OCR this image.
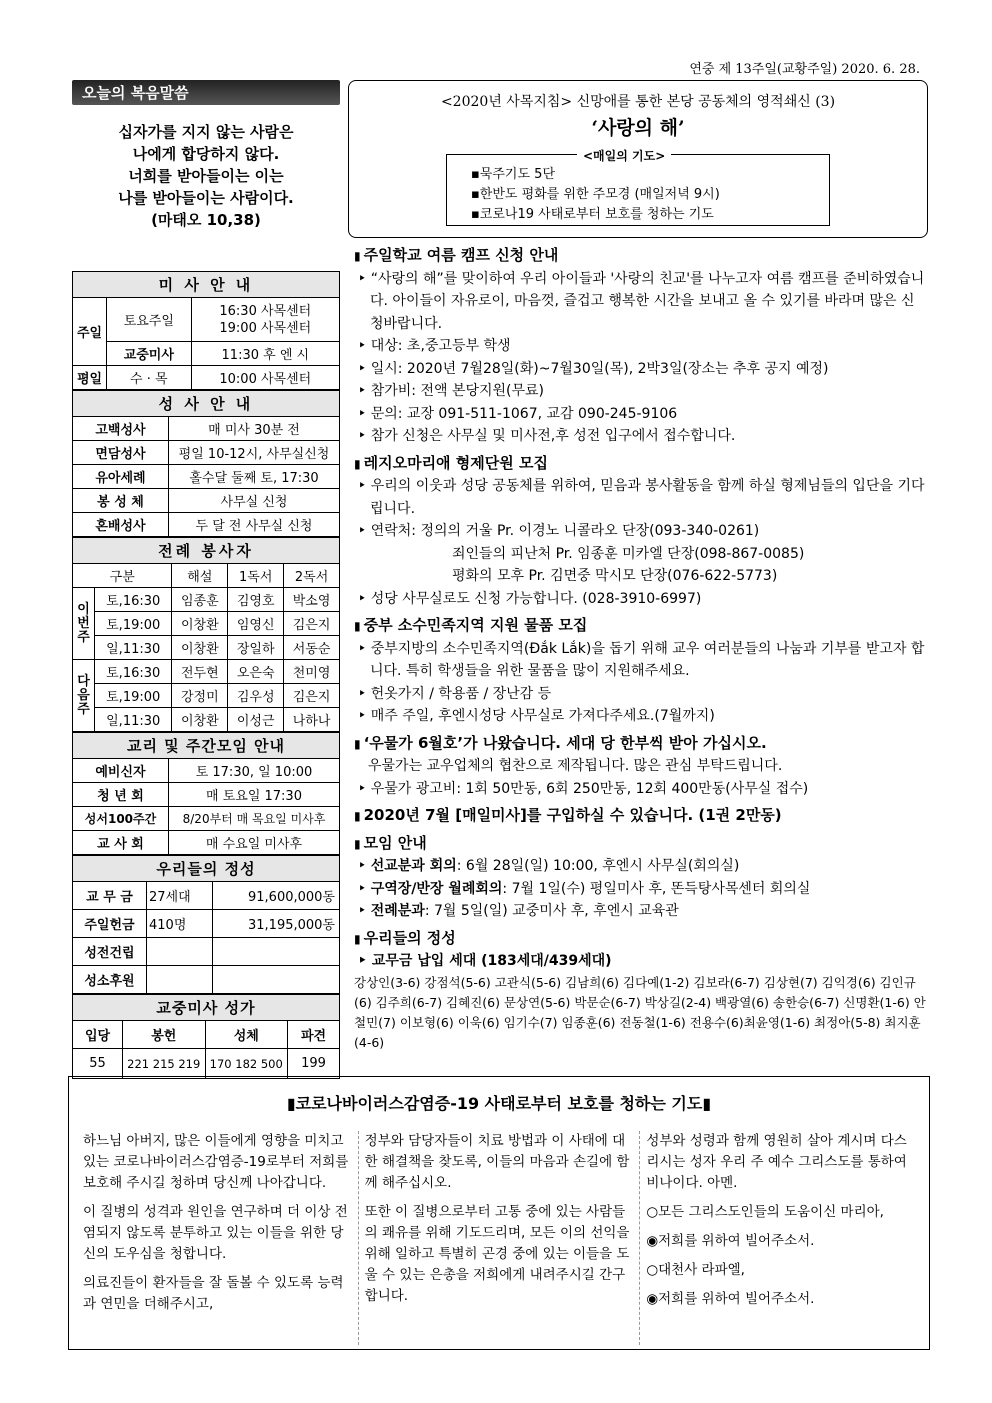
연중 제 13주일(교황주일) 2020. 6. 28.
오늘의 복음말씀
십자가를 지지 않는 사람은
나에게 합당하지 않다.
너희를 받아들이는 이는
나를 받아들이는 사람이다.
(마태오 10,38)
미 사 안 내		
주일	토요주일	16:30 사목센터
19:00 사목센터

	교중미사	11:30 후 엔 시
평일	수 · 목	10:00 사목센터
성 사 안 내	
고백성사	매 미사 30분 전
면담성사	평일 10-12시, 사무실신청
유아세례	홀수달 둘째 토, 17:30
봉 성 체	사무실 신청
혼배성사	두 달 전 사무실 신청
전례 봉사자				
구분		해설	1독서	2독서
이번주	토,16:30	임종훈	김영호	박소영
	토,19:00	이창환	임영신	김은지
	일,11:30	이창환	장일하	서동순
다음주	토,16:30	전두현	오은숙	천미영
	토,19:00	강정미	김우성	김은지
	일,11:30	이창환	이성근	나하나
교리 및 주간모임 안내	
예비신자	토 17:30, 일 10:00
청 년 회	매 토요일 17:30
성서100주간	8/20부터 매 목요일 미사후
교 사 회	매 수요일 미사후
우리들의 정성		
교 무 금	27세대	91,600,000동
주일헌금	410명	31,195,000동
성전건립		
성소후원		
교중미사 성가			
입당	봉헌	성체	파견
55	221 215 219	170 182 500	199
<2020년 사목지침> 신망애를 통한 본당 공동체의 영적쇄신 (3)
‘사랑의 해’
<매일의 기도>
▪묵주기도 5단
▪한반도 평화를 위한 주모경 (매일저녁 9시)
▪코로나19 사태로부터 보호를 청하는 기도
▮ 주일학교 여름 캠프 신청 안내
‣ “사랑의 해”를 맞이하여 우리 아이들과 '사랑의 친교'를 나누고자 여름 캠프를 준비하였습니다. 아이들이 자유로이, 마음껏, 즐겁고 행복한 시간을 보내고 올 수 있기를 바라며 많은 신청바랍니다.
‣ 대상: 초,중고등부 학생
‣ 일시: 2020년 7월28일(화)~7월30일(목), 2박3일(장소는 추후 공지 예정)
‣ 참가비: 전액 본당지원(무료)
‣ 문의: 교장 091-511-1067, 교감 090-245-9106
‣ 참가 신청은 사무실 및 미사전,후 성전 입구에서 접수합니다.
▮ 레지오마리애 형제단원 모집
‣ 우리의 이웃과 성당 공동체를 위하여, 믿음과 봉사활동을 함께 하실 형제님들의 입단을 기다립니다.
‣ 연락처: 정의의 거울 Pr. 이경노 니콜라오 단장(093-340-0261)
죄인들의 피난처 Pr. 임종훈 미카엘 단장(098-867-0085)
평화의 모후 Pr. 김면중 막시모 단장(076-622-5773)
‣ 성당 사무실로도 신청 가능합니다. (028-3910-6997)
▮ 중부 소수민족지역 지원 물품 모집
‣ 중부지방의 소수민족지역(Đắk Lắk)을 돕기 위해 교우 여러분들의 나눔과 기부를 받고자 합니다. 특히 학생들을 위한 물품을 많이 지원해주세요.
‣ 헌옷가지 / 학용품 / 장난감 등
‣ 매주 주일, 후엔시성당 사무실로 가져다주세요.(7월까지)
▮ ‘우물가 6월호’가 나왔습니다. 세대 당 한부씩 받아 가십시오.
우물가는 교우업체의 협찬으로 제작됩니다. 많은 관심 부탁드립니다.
‣ 우물가 광고비: 1회 50만동, 6회 250만동, 12회 400만동(사무실 접수)
▮ 2020년 7월 [매일미사]를 구입하실 수 있습니다. (1권 2만동)
▮ 모임 안내
‣ 선교분과 회의: 6월 28일(일) 10:00, 후엔시 사무실(회의실)
‣ 구역장/반장 월례회의: 7월 1일(수) 평일미사 후, 똔득탕사목센터 회의실
‣ 전례분과: 7월 5일(일) 교중미사 후, 후엔시 교육관
▮ 우리들의 정성
‣ 교무금 납입 세대 (183세대/439세대)
강상인(3-6) 강점석(5-6) 고관식(5-6) 김남희(6) 김다예(1-2) 김보라(6-7) 김상현(7) 김익경(6) 김인규(6) 김주희(6-7) 김혜진(6) 문상연(5-6) 박문순(6-7) 박상길(2-4) 백광열(6) 송한승(6-7) 신명환(1-6) 안철민(7) 이보형(6) 이욱(6) 임기수(7) 임종훈(6) 전동철(1-6) 전용수(6)최윤영(1-6) 최정아(5-8) 최지훈(4-6)
▮코로나바이러스감염증-19 사태로부터 보호를 청하는 기도▮

하느님 아버지, 많은 이들에게 영향을 미치고 있는 코로나바이러스감염증-19로부터 저희를 보호해 주시길 청하며 당신께 나아갑니다.

이 질병의 성격과 원인을 연구하며 더 이상 전염되지 않도록 분투하고 있는 이들을 위한 당신의 도우심을 청합니다.

의료진들이 환자들을 잘 돌볼 수 있도록 능력과 연민을 더해주시고,

정부와 담당자들이 치료 방법과 이 사태에 대한 해결책을 찾도록, 이들의 마음과 손길에 함께 해주십시오.

또한 이 질병으로부터 고통 중에 있는 사람들의 쾌유를 위해 기도드리며, 모든 이의 선익을 위해 일하고 특별히 곤경 중에 있는 이들을 도울 수 있는 은총을 저희에게 내려주시길 간구합니다.

성부와 성령과 함께 영원히 살아 계시며 다스리시는 성자 우리 주 예수 그리스도를 통하여 비나이다. 아멘.

○모든 그리스도인들의 도움이신 마리아,

◉저희를 위하여 빌어주소서.

○대천사 라파엘,

◉저희를 위하여 빌어주소서.
